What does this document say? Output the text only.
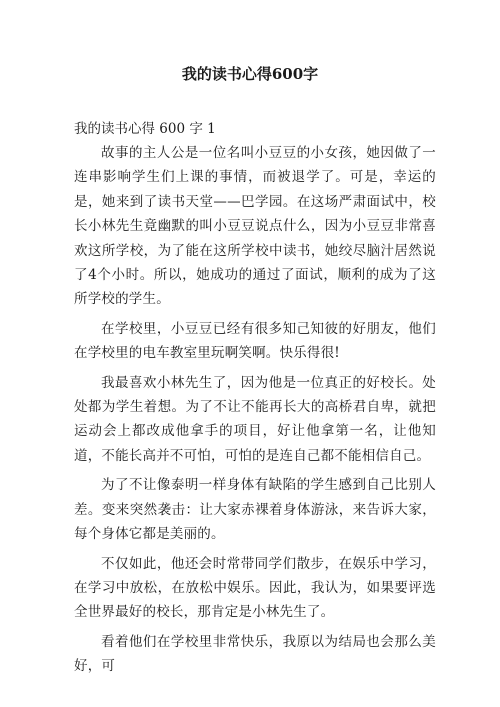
我的读书心得600字

我的读书心得 600 字 1

故事的主人公是一位名叫小豆豆的小女孩，她因做了一连串影响学生们上课的事情，而被退学了。可是，幸运的是，她来到了读书天堂——巴学园。在这场严肃面试中，校长小林先生竟幽默的叫小豆豆说点什么，因为小豆豆非常喜欢这所学校，为了能在这所学校中读书，她绞尽脑汁居然说了4个小时。所以，她成功的通过了面试，顺利的成为了这所学校的学生。

在学校里，小豆豆已经有很多知己知彼的好朋友，他们在学校里的电车教室里玩啊笑啊。快乐得很!

我最喜欢小林先生了，因为他是一位真正的好校长。处处都为学生着想。为了不让不能再长大的高桥君自卑，就把运动会上都改成他拿手的项目，好让他拿第一名，让他知道，不能长高并不可怕，可怕的是连自己都不能相信自己。

为了不让像泰明一样身体有缺陷的学生感到自己比别人差。变来突然袭击：让大家赤裸着身体游泳，来告诉大家，每个身体它都是美丽的。

不仅如此，他还会时常带同学们散步，在娱乐中学习，在学习中放松，在放松中娱乐。因此，我认为，如果要评选全世界最好的校长，那肯定是小林先生了。

看着他们在学校里非常快乐，我原以为结局也会那么美好，可
